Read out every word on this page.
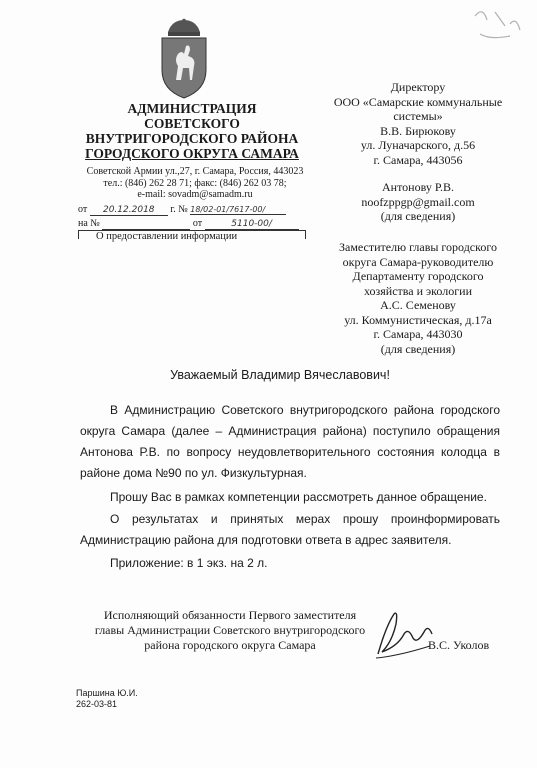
АДМИНИСТРАЦИЯ
СОВЕТСКОГО
ВНУТРИГОРОДСКОГО РАЙОНА
ГОРОДСКОГО ОКРУГА САМАРА
Советской Армии ул.,27, г. Самара, Россия, 443023
тел.: (846) 262 28 71; факс: (846) 262 03 78;
e-mail: sovadm@samadm.ru
от 20.12.2018 г. № 18/02-01/7617-00/
на №	от	5110-00/
О предоставлении информации
Директору
ООО «Самарские коммунальные
системы»
В.В. Бирюкову
ул. Луначарского, д.56
г. Самара, 443056
Антонову Р.В.
noofzppgp@gmail.com
(для сведения)
Заместителю главы городского
округа Самара-руководителю
Департаменту городского
хозяйства и экологии
А.С. Семенову
ул. Коммунистическая, д.17а
г. Самара, 443030
(для сведения)
Уважаемый Владимир Вячеславович!
В Администрацию Советского внутригородского района городского округа Самара (далее – Администрация района) поступило обращения Антонова Р.В. по вопросу неудовлетворительного состояния колодца в районе дома №90 по ул. Физкультурная.
Прошу Вас в рамках компетенции рассмотреть данное обращение.
О результатах и принятых мерах прошу проинформировать Администрацию района для подготовки ответа в адрес заявителя.
Приложение: в 1 экз. на 2 л.
Исполняющий обязанности Первого заместителя
главы Администрации Советского внутригородского
района городского округа Самара	В.С. Уколов
Паршина Ю.И.
262-03-81
